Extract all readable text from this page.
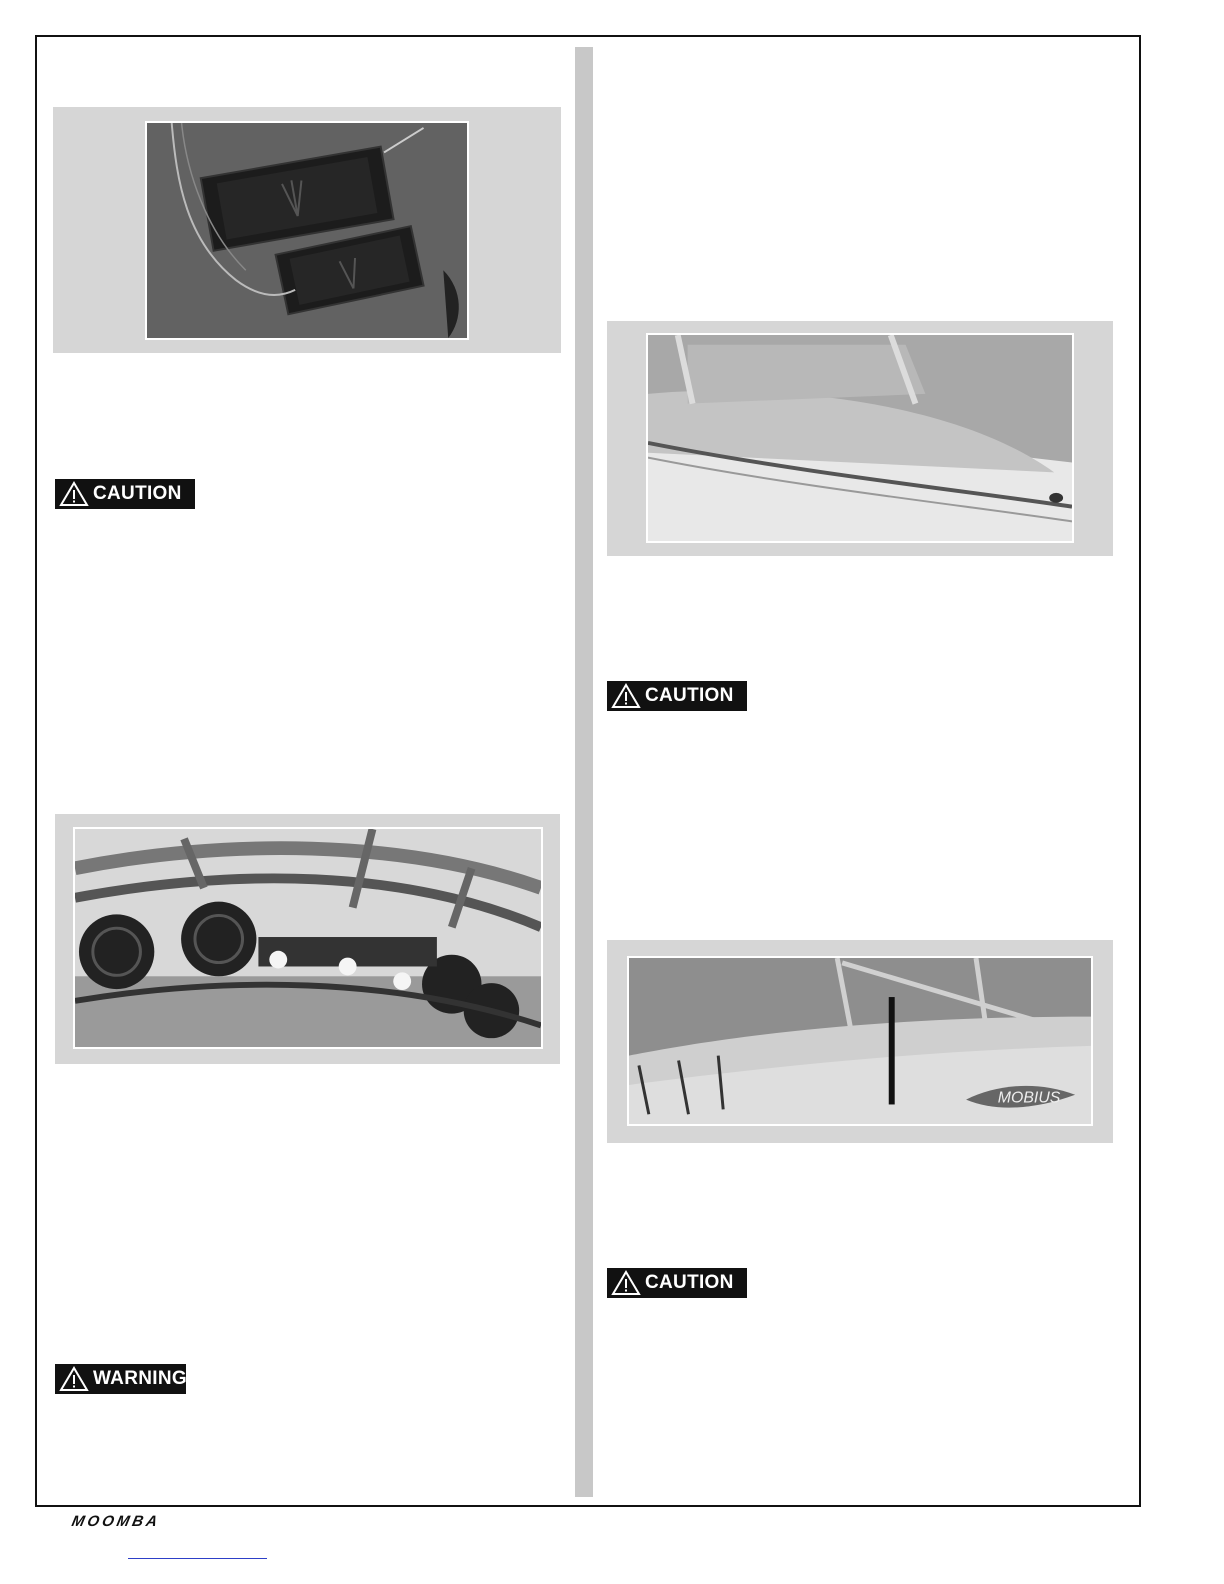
CAUTION
WARNING
CAUTION
MOBIUS
CAUTION
MOOMBA
